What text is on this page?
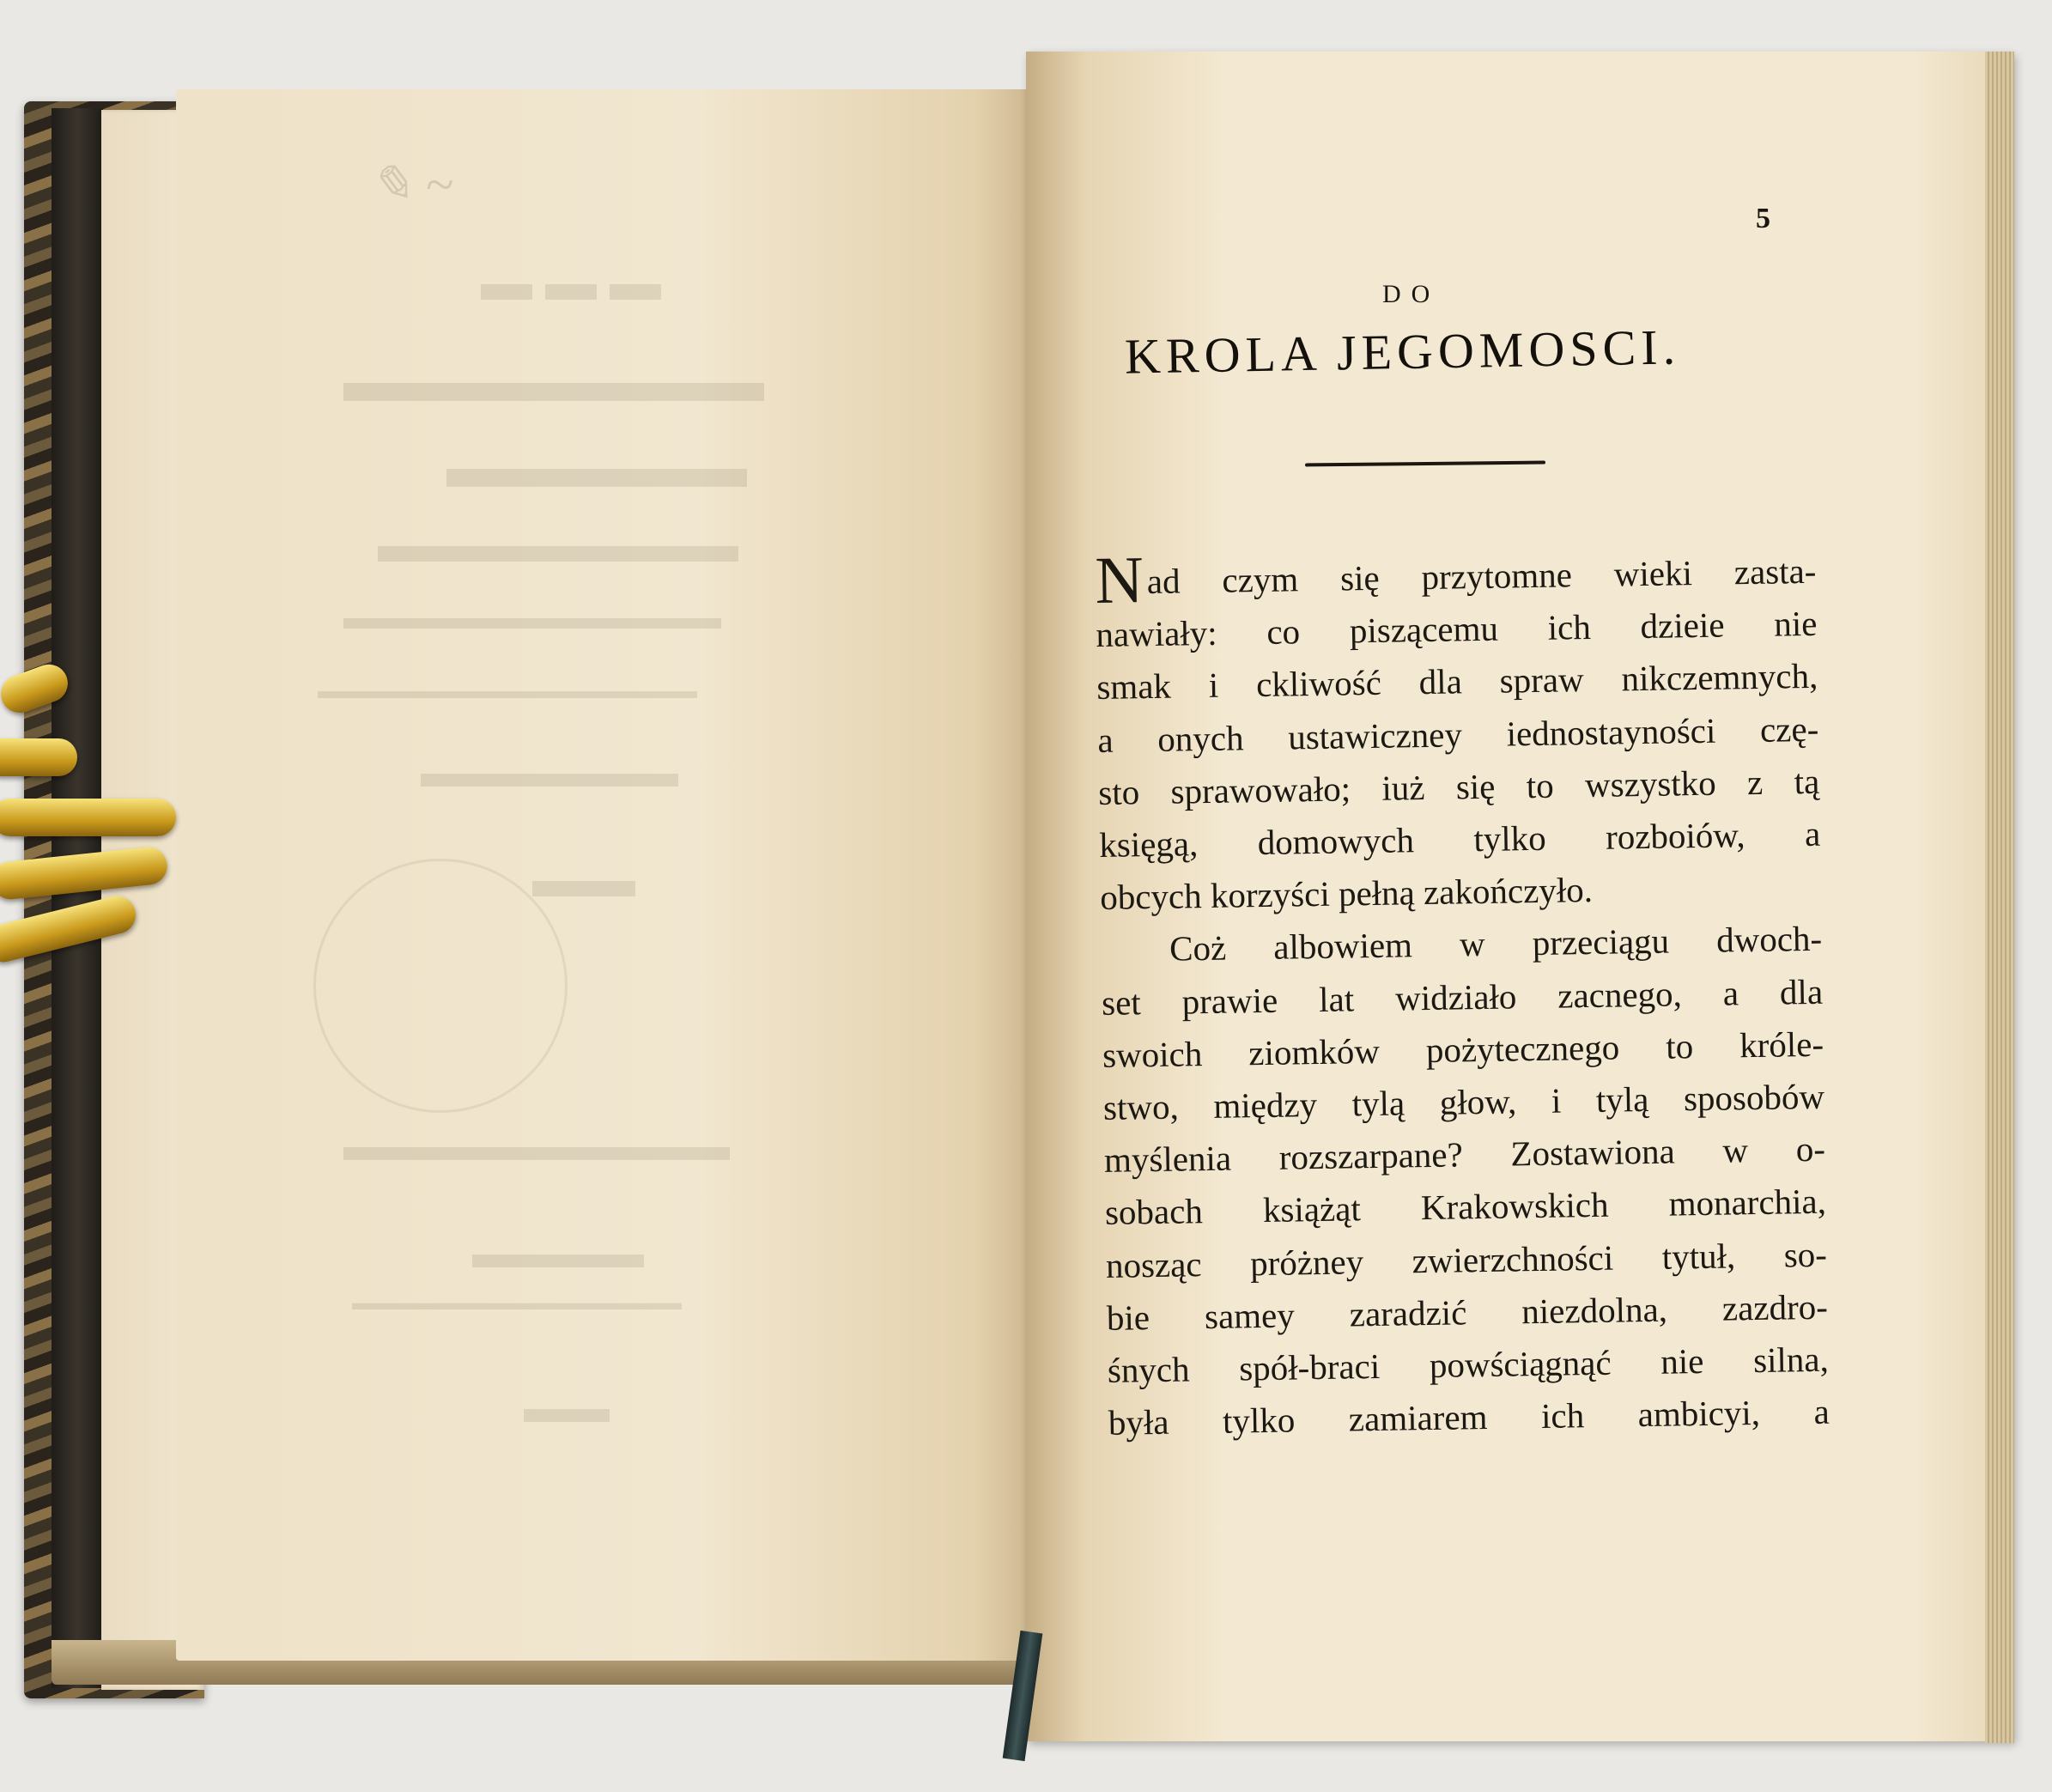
✎ ~
▬ ▬ ▬
▬▬▬▬▬▬▬
▬▬▬▬▬
▬▬▬▬▬▬▬
▬▬▬▬▬▬▬▬▬▬▬
▬▬▬▬▬▬▬▬▬▬▬▬▬▬▬▬▬
▬▬▬▬▬▬
▬▬
▬▬▬▬▬▬▬▬▬
▬▬▬▬
▬▬▬▬▬▬▬▬▬▬▬▬▬▬▬▬
▬▬
5
DO
KROLA JEGOMOSCI.
Nad czym się przytomne wieki zasta-
nawiały: co piszącemu ich dzieie nie
smak i ckliwość dla spraw nikczemnych,
a onych ustawiczney iednostayności czę-
sto sprawowało; iuż się to wszystko z tą
księgą, domowych tylko rozboiów, a
obcych korzyści pełną zakończyło.
Coż albowiem w przeciągu dwoch-
set prawie lat widziało zacnego, a dla
swoich ziomków pożytecznego to króle-
stwo, między tylą głow, i tylą sposobów
myślenia rozszarpane? Zostawiona w o-
sobach książąt Krakowskich monarchia,
nosząc próżney zwierzchności tytuł, so-
bie samey zaradzić niezdolna, zazdro-
śnych spół-braci powściągnąć nie silna,
była tylko zamiarem ich ambicyi, a
